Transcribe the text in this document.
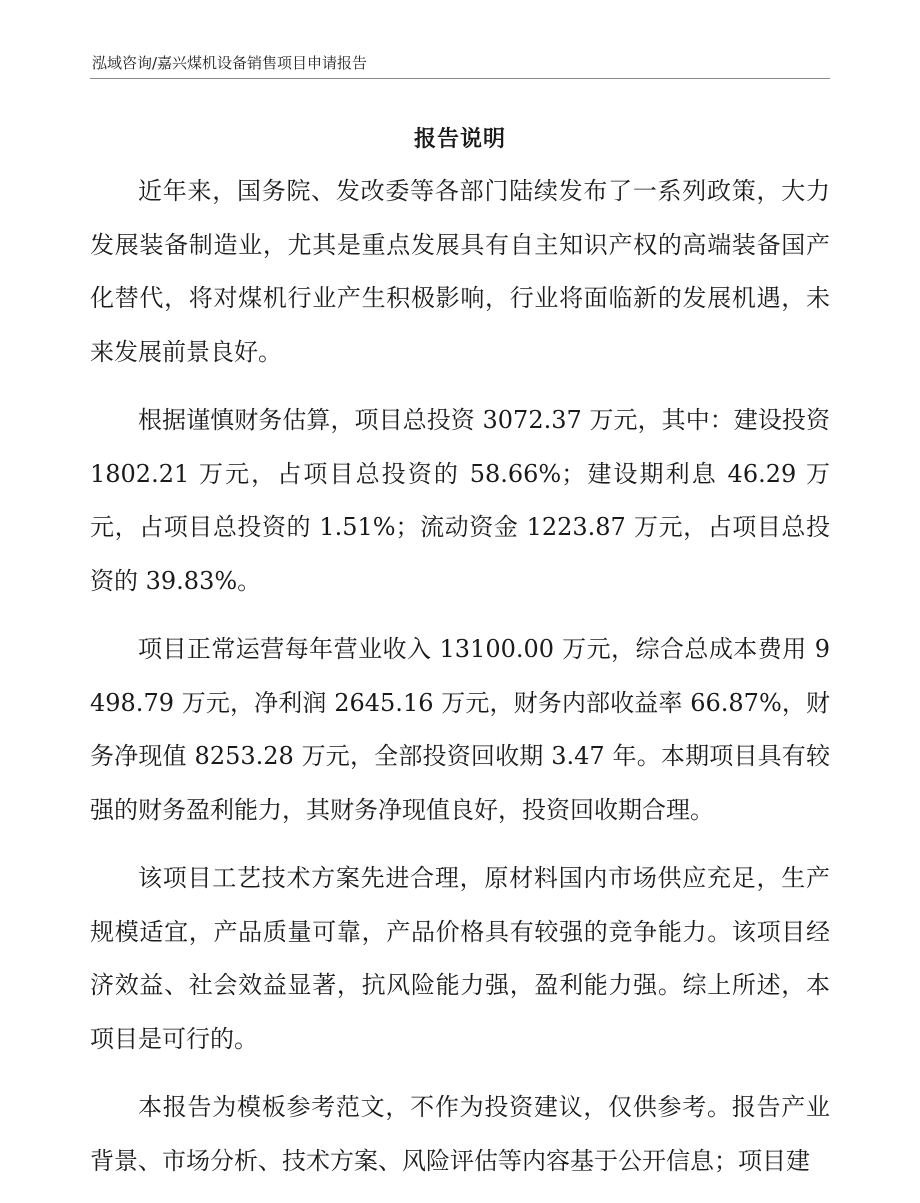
泓域咨询/嘉兴煤机设备销售项目申请报告
报告说明

近年来，国务院、发改委等各部门陆续发布了一系列政策，大力发展装备制造业，尤其是重点发展具有自主知识产权的高端装备国产化替代，将对煤机行业产生积极影响，行业将面临新的发展机遇，未来发展前景良好。

根据谨慎财务估算，项目总投资 3072.37 万元，其中：建设投资 1802.21 万元，占项目总投资的 58.66%；建设期利息 46.29 万元，占项目总投资的 1.51%；流动资金 1223.87 万元，占项目总投资的 39.83%。

项目正常运营每年营业收入 13100.00 万元，综合总成本费用 9498.79 万元，净利润 2645.16 万元，财务内部收益率 66.87%，财务净现值 8253.28 万元，全部投资回收期 3.47 年。本期项目具有较强的财务盈利能力，其财务净现值良好，投资回收期合理。

该项目工艺技术方案先进合理，原材料国内市场供应充足，生产规模适宜，产品质量可靠，产品价格具有较强的竞争能力。该项目经济效益、社会效益显著，抗风险能力强，盈利能力强。综上所述，本项目是可行的。

本报告为模板参考范文，不作为投资建议，仅供参考。报告产业背景、市场分析、技术方案、风险评估等内容基于公开信息；项目建
